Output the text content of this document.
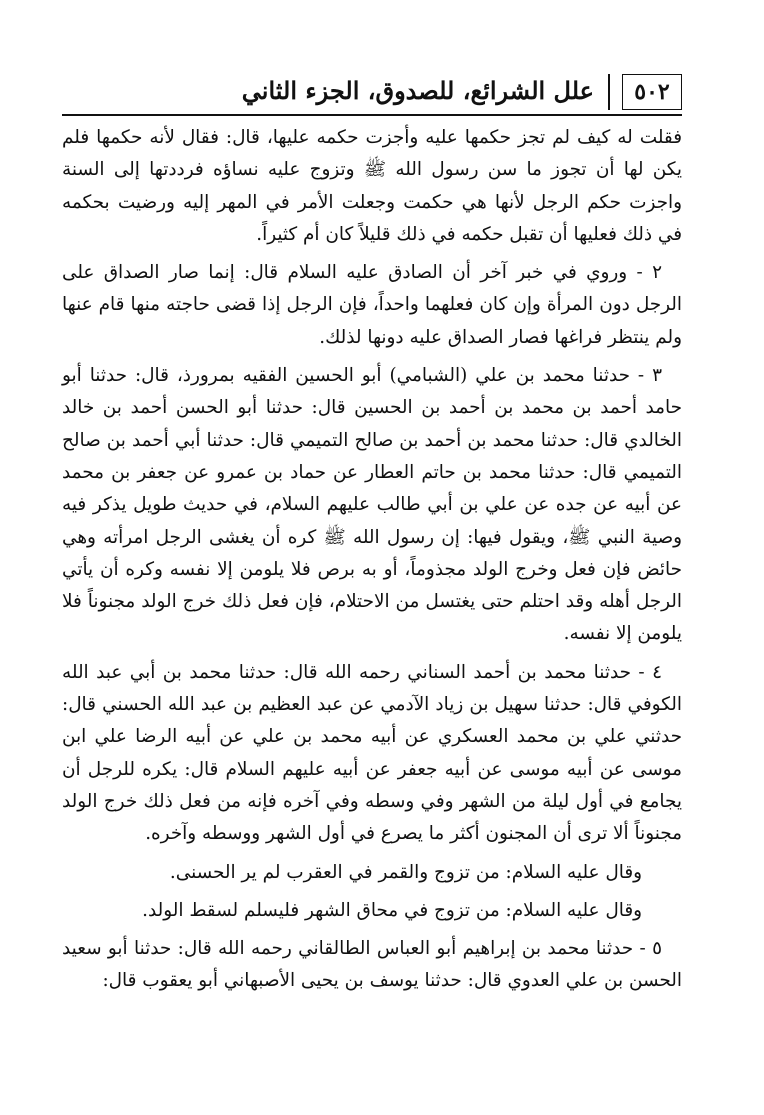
٥٠٢
علل الشرائع، للصدوق، الجزء الثاني

فقلت له كيف لم تجز حكمها عليه وأجزت حكمه عليها، قال: فقال لأنه حكمها فلم يكن لها أن تجوز ما سن رسول الله ﷺ وتزوج عليه نساؤه فرددتها إلى السنة واجزت حكم الرجل لأنها هي حكمت وجعلت الأمر في المهر إليه ورضيت بحكمه في ذلك فعليها أن تقبل حكمه في ذلك قليلاً كان أم كثيراً.

٢ - وروي في خبر آخر أن الصادق عليه السلام قال: إنما صار الصداق على الرجل دون المرأة وإن كان فعلهما واحداً، فإن الرجل إذا قضى حاجته منها قام عنها ولم ينتظر فراغها فصار الصداق عليه دونها لذلك.

٣ - حدثنا محمد بن علي (الشبامي) أبو الحسين الفقيه بمرورذ، قال: حدثنا أبو حامد أحمد بن محمد بن أحمد بن الحسين قال: حدثنا أبو الحسن أحمد بن خالد الخالدي قال: حدثنا محمد بن أحمد بن صالح التميمي قال: حدثنا أبي أحمد بن صالح التميمي قال: حدثنا محمد بن حاتم العطار عن حماد بن عمرو عن جعفر بن محمد عن أبيه عن جده عن علي بن أبي طالب عليهم السلام، في حديث طويل يذكر فيه وصية النبي ﷺ، ويقول فيها: إن رسول الله ﷺ كره أن يغشى الرجل امرأته وهي حائض فإن فعل وخرج الولد مجذوماً، أو به برص فلا يلومن إلا نفسه وكره أن يأتي الرجل أهله وقد احتلم حتى يغتسل من الاحتلام، فإن فعل ذلك خرج الولد مجنوناً فلا يلومن إلا نفسه.

٤ - حدثنا محمد بن أحمد السناني رحمه الله قال: حدثنا محمد بن أبي عبد الله الكوفي قال: حدثنا سهيل بن زياد الآدمي عن عبد العظيم بن عبد الله الحسني قال: حدثني علي بن محمد العسكري عن أبيه محمد بن علي عن أبيه الرضا علي ابن موسى عن أبيه موسى عن أبيه جعفر عن أبيه عليهم السلام قال: يكره للرجل أن يجامع في أول ليلة من الشهر وفي وسطه وفي آخره فإنه من فعل ذلك خرج الولد مجنوناً ألا ترى أن المجنون أكثر ما يصرع في أول الشهر ووسطه وآخره.

وقال عليه السلام: من تزوج والقمر في العقرب لم ير الحسنى.

وقال عليه السلام: من تزوج في محاق الشهر فليسلم لسقط الولد.

٥ - حدثنا محمد بن إبراهيم أبو العباس الطالقاني رحمه الله قال: حدثنا أبو سعيد الحسن بن علي العدوي قال: حدثنا يوسف بن يحيى الأصبهاني أبو يعقوب قال:
